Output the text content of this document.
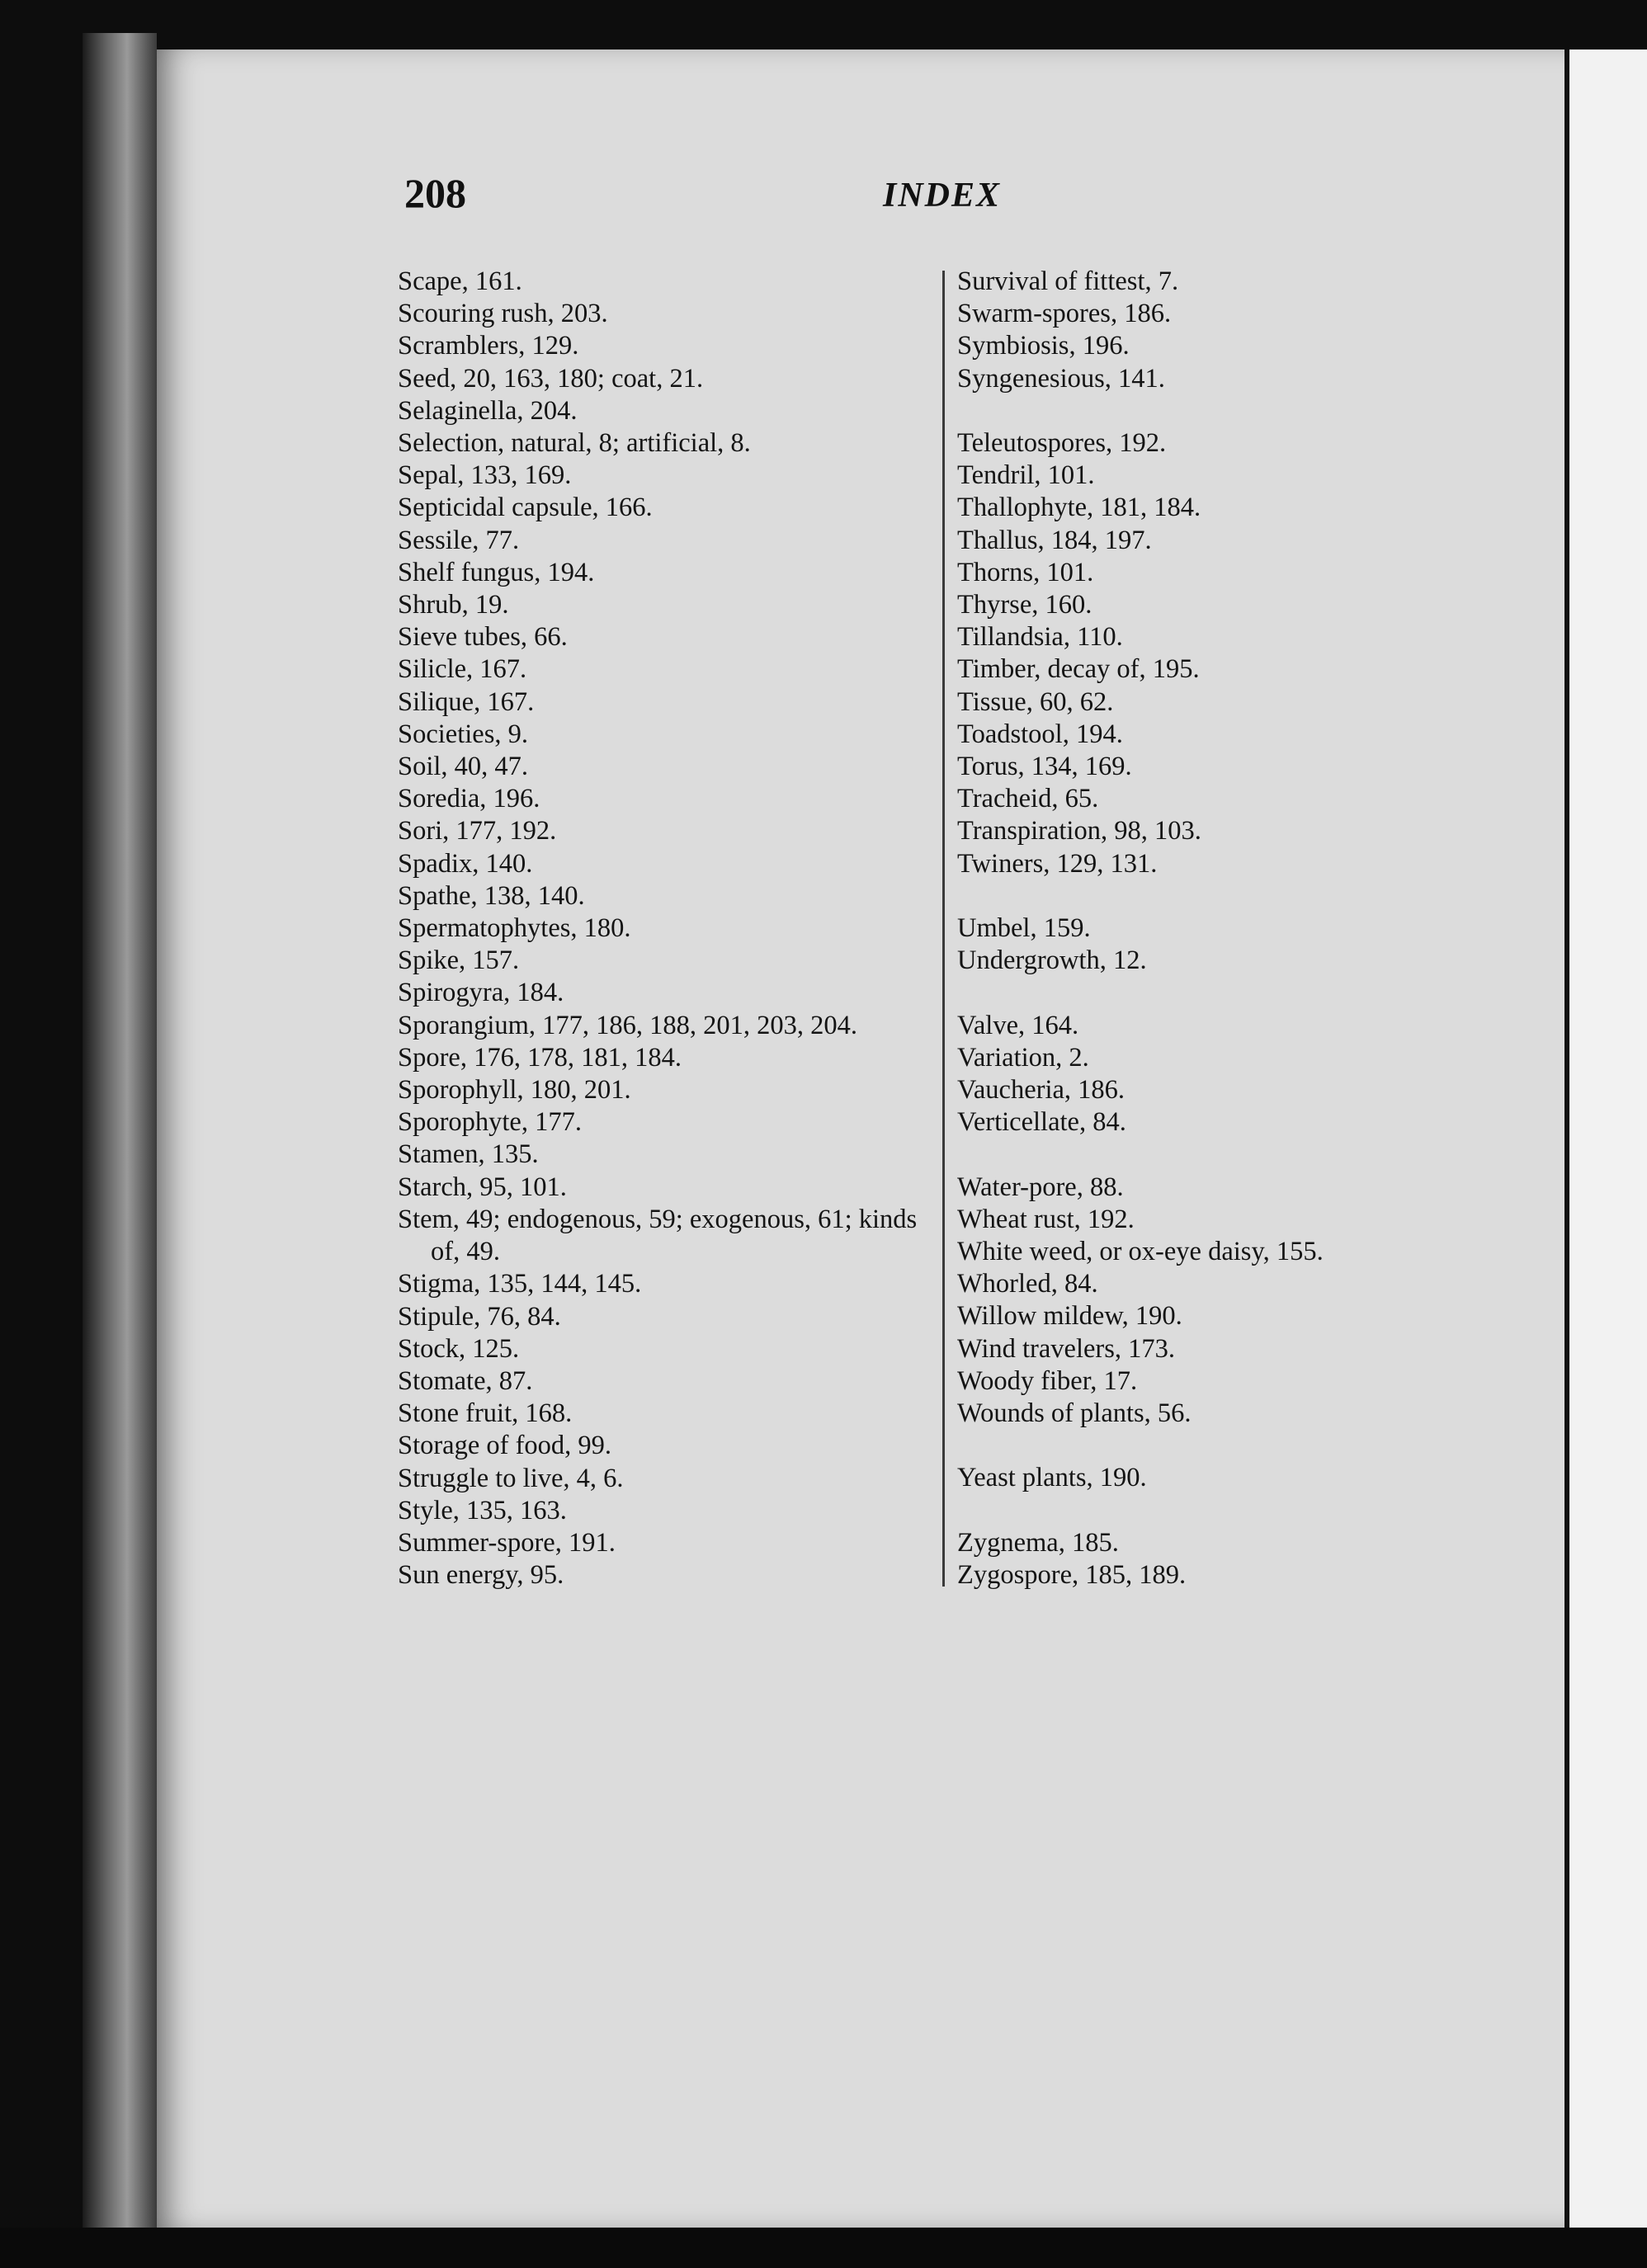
208	INDEX
Scape, 161.
Scouring rush, 203.
Scramblers, 129.
Seed, 20, 163, 180; coat, 21.
Selaginella, 204.
Selection, natural, 8; artificial, 8.
Sepal, 133, 169.
Septicidal capsule, 166.
Sessile, 77.
Shelf fungus, 194.
Shrub, 19.
Sieve tubes, 66.
Silicle, 167.
Silique, 167.
Societies, 9.
Soil, 40, 47.
Soredia, 196.
Sori, 177, 192.
Spadix, 140.
Spathe, 138, 140.
Spermatophytes, 180.
Spike, 157.
Spirogyra, 184.
Sporangium, 177, 186, 188, 201, 203, 204.
Spore, 176, 178, 181, 184.
Sporophyll, 180, 201.
Sporophyte, 177.
Stamen, 135.
Starch, 95, 101.
Stem, 49; endogenous, 59; exogenous, 61; kinds of, 49.
Stigma, 135, 144, 145.
Stipule, 76, 84.
Stock, 125.
Stomate, 87.
Stone fruit, 168.
Storage of food, 99.
Struggle to live, 4, 6.
Style, 135, 163.
Summer-spore, 191.
Sun energy, 95.
Survival of fittest, 7.
Swarm-spores, 186.
Symbiosis, 196.
Syngenesious, 141.
Teleutospores, 192.
Tendril, 101.
Thallophyte, 181, 184.
Thallus, 184, 197.
Thorns, 101.
Thyrse, 160.
Tillandsia, 110.
Timber, decay of, 195.
Tissue, 60, 62.
Toadstool, 194.
Torus, 134, 169.
Tracheid, 65.
Transpiration, 98, 103.
Twiners, 129, 131.
Umbel, 159.
Undergrowth, 12.
Valve, 164.
Variation, 2.
Vaucheria, 186.
Verticellate, 84.
Water-pore, 88.
Wheat rust, 192.
White weed, or ox-eye daisy, 155.
Whorled, 84.
Willow mildew, 190.
Wind travelers, 173.
Woody fiber, 17.
Wounds of plants, 56.
Yeast plants, 190.
Zygnema, 185.
Zygospore, 185, 189.
